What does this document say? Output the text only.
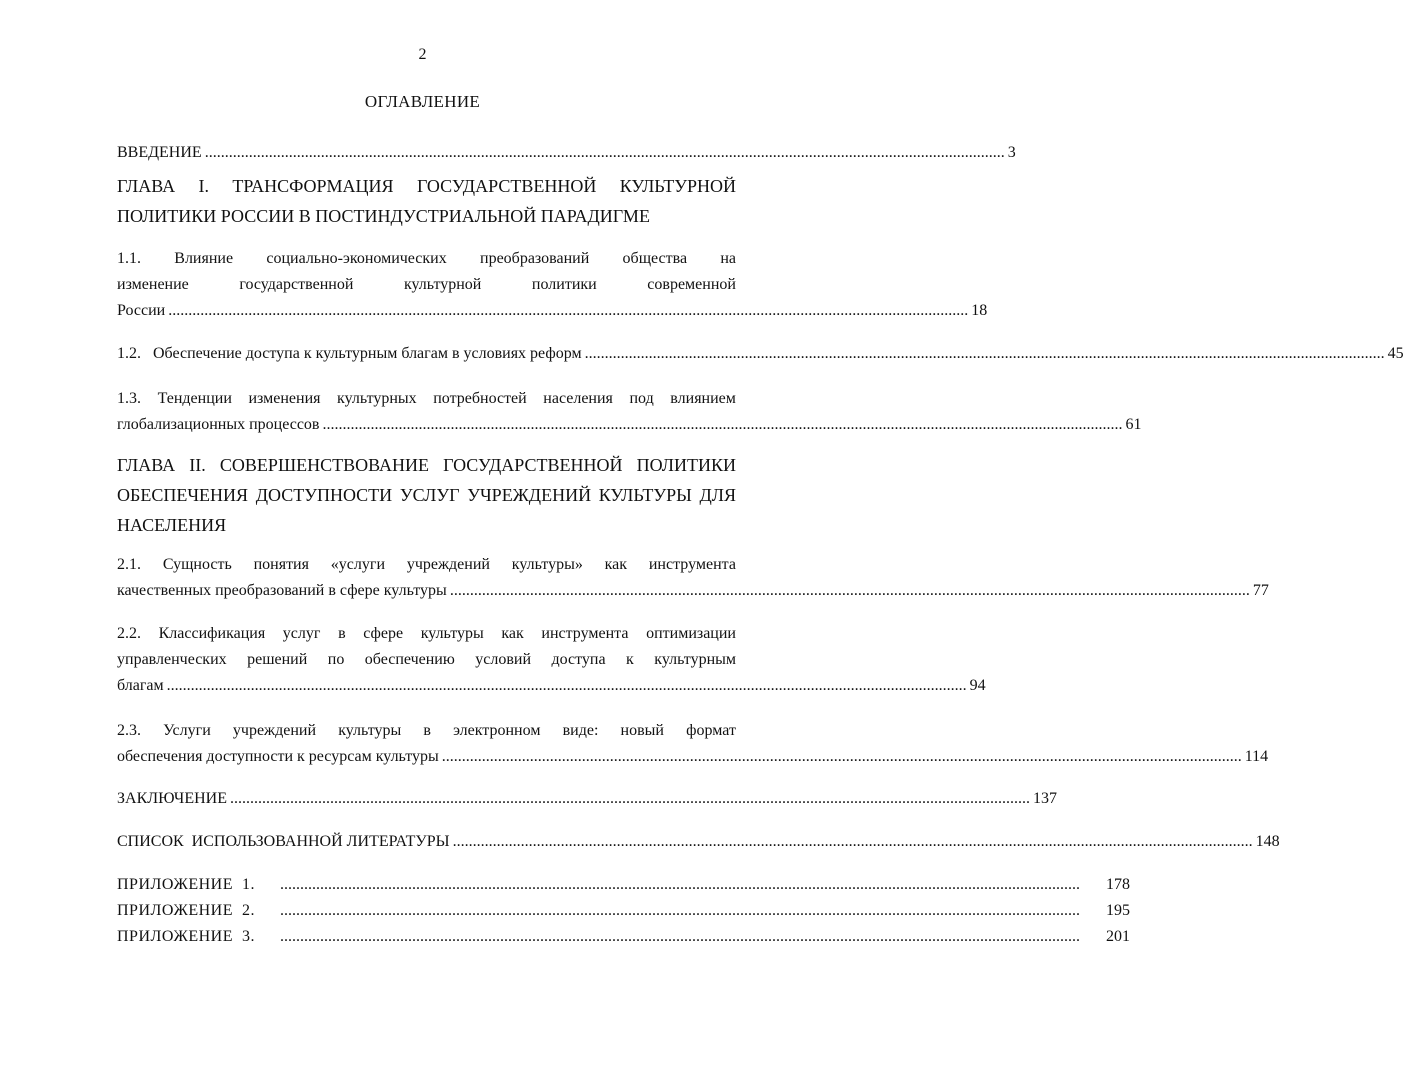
2
ОГЛАВЛЕНИЕ
ВВЕДЕНИЕ ........................................................................................................................................................................................................ 3
ГЛАВА I. ТРАНСФОРМАЦИЯ ГОСУДАРСТВЕННОЙ КУЛЬТУРНОЙ
ПОЛИТИКИ РОССИИ В ПОСТИНДУСТРИАЛЬНОЙ ПАРАДИГМЕ
1.1. Влияние социально-экономических преобразований общества на
изменение	государственной	культурной	политики	современной
России ........................................................................................................................................................................................................ 18
1.2.   Обеспечение доступа к культурным благам в условиях реформ ........................................................................................................................................................................................................ 45
1.3. Тенденции изменения культурных потребностей населения под влиянием
глобализационных процессов ........................................................................................................................................................................................................ 61
ГЛАВА II. СОВЕРШЕНСТВОВАНИЕ ГОСУДАРСТВЕННОЙ ПОЛИТИКИ
ОБЕСПЕЧЕНИЯ ДОСТУПНОСТИ УСЛУГ УЧРЕЖДЕНИЙ КУЛЬТУРЫ ДЛЯ
НАСЕЛЕНИЯ
2.1. Сущность понятия «услуги учреждений культуры» как инструмента
качественных преобразований в сфере культуры ........................................................................................................................................................................................................ 77
2.2. Классификация услуг в сфере культуры как инструмента оптимизации
управленческих решений по обеспечению условий доступа к культурным
благам ........................................................................................................................................................................................................ 94
2.3. Услуги учреждений культуры в электронном виде: новый формат
обеспечения доступности к ресурсам культуры ........................................................................................................................................................................................................ 114
ЗАКЛЮЧЕНИЕ ........................................................................................................................................................................................................ 137
СПИСОК  ИСПОЛЬЗОВАННОЙ ЛИТЕРАТУРЫ ........................................................................................................................................................................................................ 148
ПРИЛОЖЕНИЕ  1.	........................................................................................................................................................................................................	178
ПРИЛОЖЕНИЕ  2.	........................................................................................................................................................................................................	195
ПРИЛОЖЕНИЕ  3.	........................................................................................................................................................................................................	201
